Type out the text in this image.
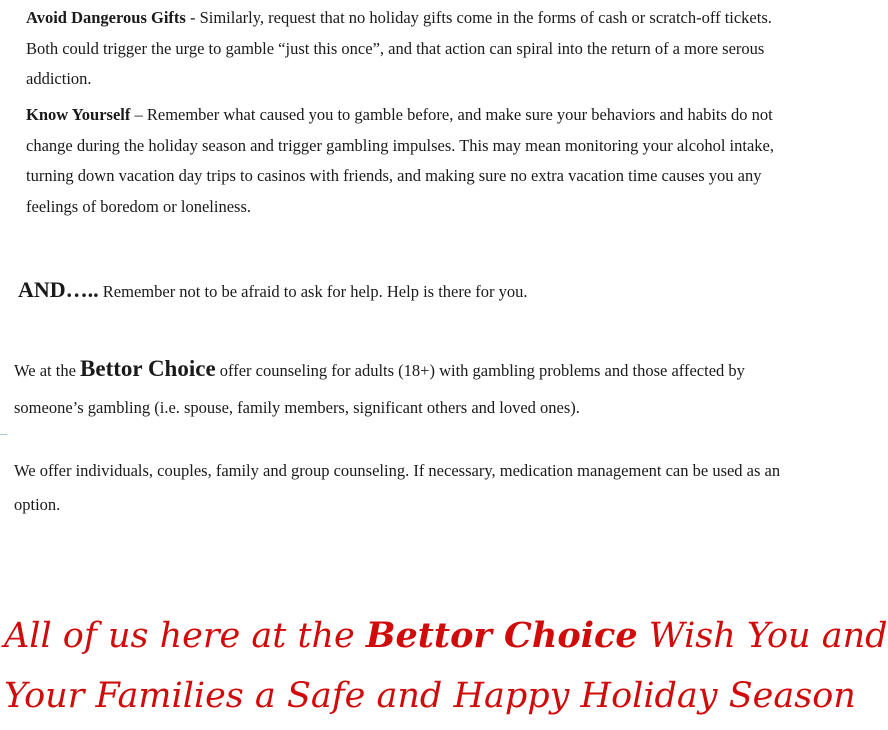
Avoid Dangerous Gifts - Similarly, request that no holiday gifts come in the forms of cash or scratch-off tickets. Both could trigger the urge to gamble “just this once”, and that action can spiral into the return of a more serous addiction.

Know Yourself – Remember what caused you to gamble before, and make sure your behaviors and habits do not change during the holiday season and trigger gambling impulses. This may mean monitoring your alcohol intake, turning down vacation day trips to casinos with friends, and making sure no extra vacation time causes you any feelings of boredom or loneliness.

AND….. Remember not to be afraid to ask for help. Help is there for you.

We at the Bettor Choice offer counseling for adults (18+) with gambling problems and those affected by someone’s gambling (i.e. spouse, family members, significant others and loved ones).

We offer individuals, couples, family and group counseling. If necessary, medication management can be used as an option.

All of us here at the Bettor Choice Wish You and
Your Families a Safe and Happy Holiday Season
